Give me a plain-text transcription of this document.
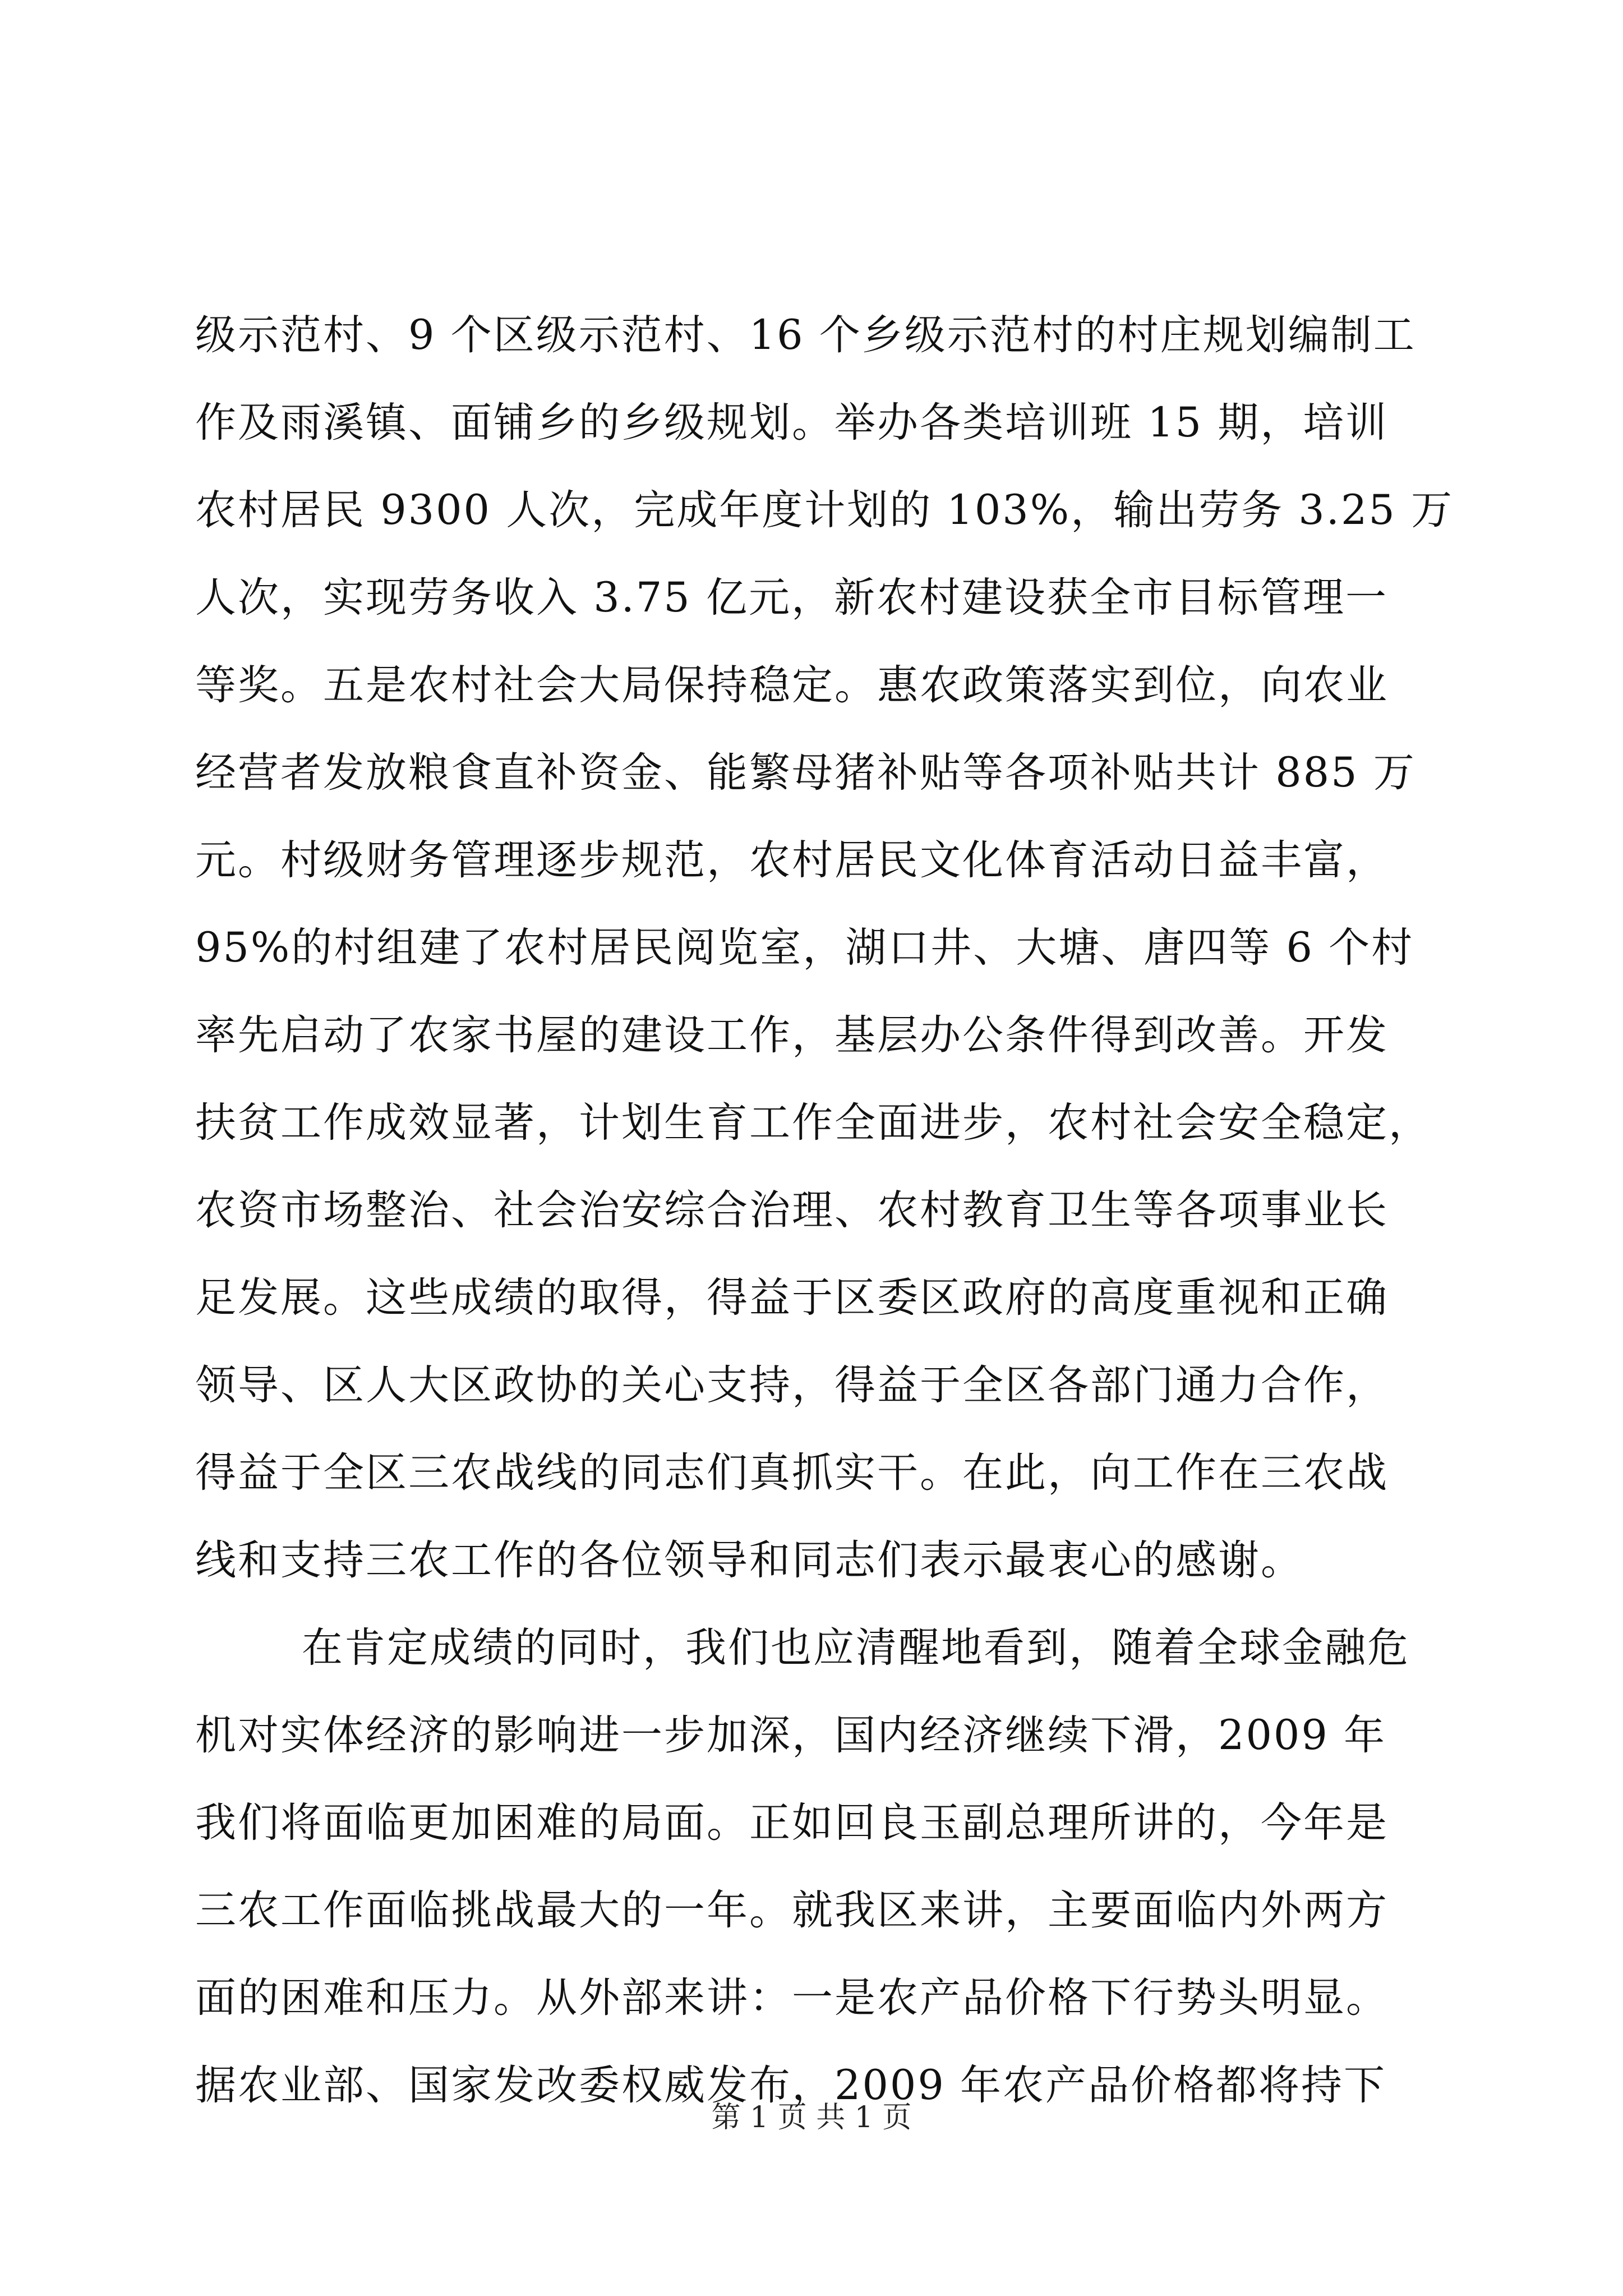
级示范村、9 个区级示范村、16 个乡级示范村的村庄规划编制工
作及雨溪镇、面铺乡的乡级规划。举办各类培训班 15 期，培训
农村居民 9300 人次，完成年度计划的 103%，输出劳务 3.25 万
人次，实现劳务收入 3.75 亿元，新农村建设获全市目标管理一
等奖。五是农村社会大局保持稳定。惠农政策落实到位，向农业
经营者发放粮食直补资金、能繁母猪补贴等各项补贴共计 885 万
元。村级财务管理逐步规范，农村居民文化体育活动日益丰富，
95%的村组建了农村居民阅览室，湖口井、大塘、唐四等 6 个村
率先启动了农家书屋的建设工作，基层办公条件得到改善。开发
扶贫工作成效显著，计划生育工作全面进步，农村社会安全稳定，
农资市场整治、社会治安综合治理、农村教育卫生等各项事业长
足发展。这些成绩的取得，得益于区委区政府的高度重视和正确
领导、区人大区政协的关心支持，得益于全区各部门通力合作，
得益于全区三农战线的同志们真抓实干。在此，向工作在三农战
线和支持三农工作的各位领导和同志们表示最衷心的感谢。
在肯定成绩的同时，我们也应清醒地看到，随着全球金融危
机对实体经济的影响进一步加深，国内经济继续下滑，2009 年
我们将面临更加困难的局面。正如回良玉副总理所讲的，今年是
三农工作面临挑战最大的一年。就我区来讲，主要面临内外两方
面的困难和压力。从外部来讲：一是农产品价格下行势头明显。
据农业部、国家发改委权威发布，2009 年农产品价格都将持下
第 1 页 共 1 页
